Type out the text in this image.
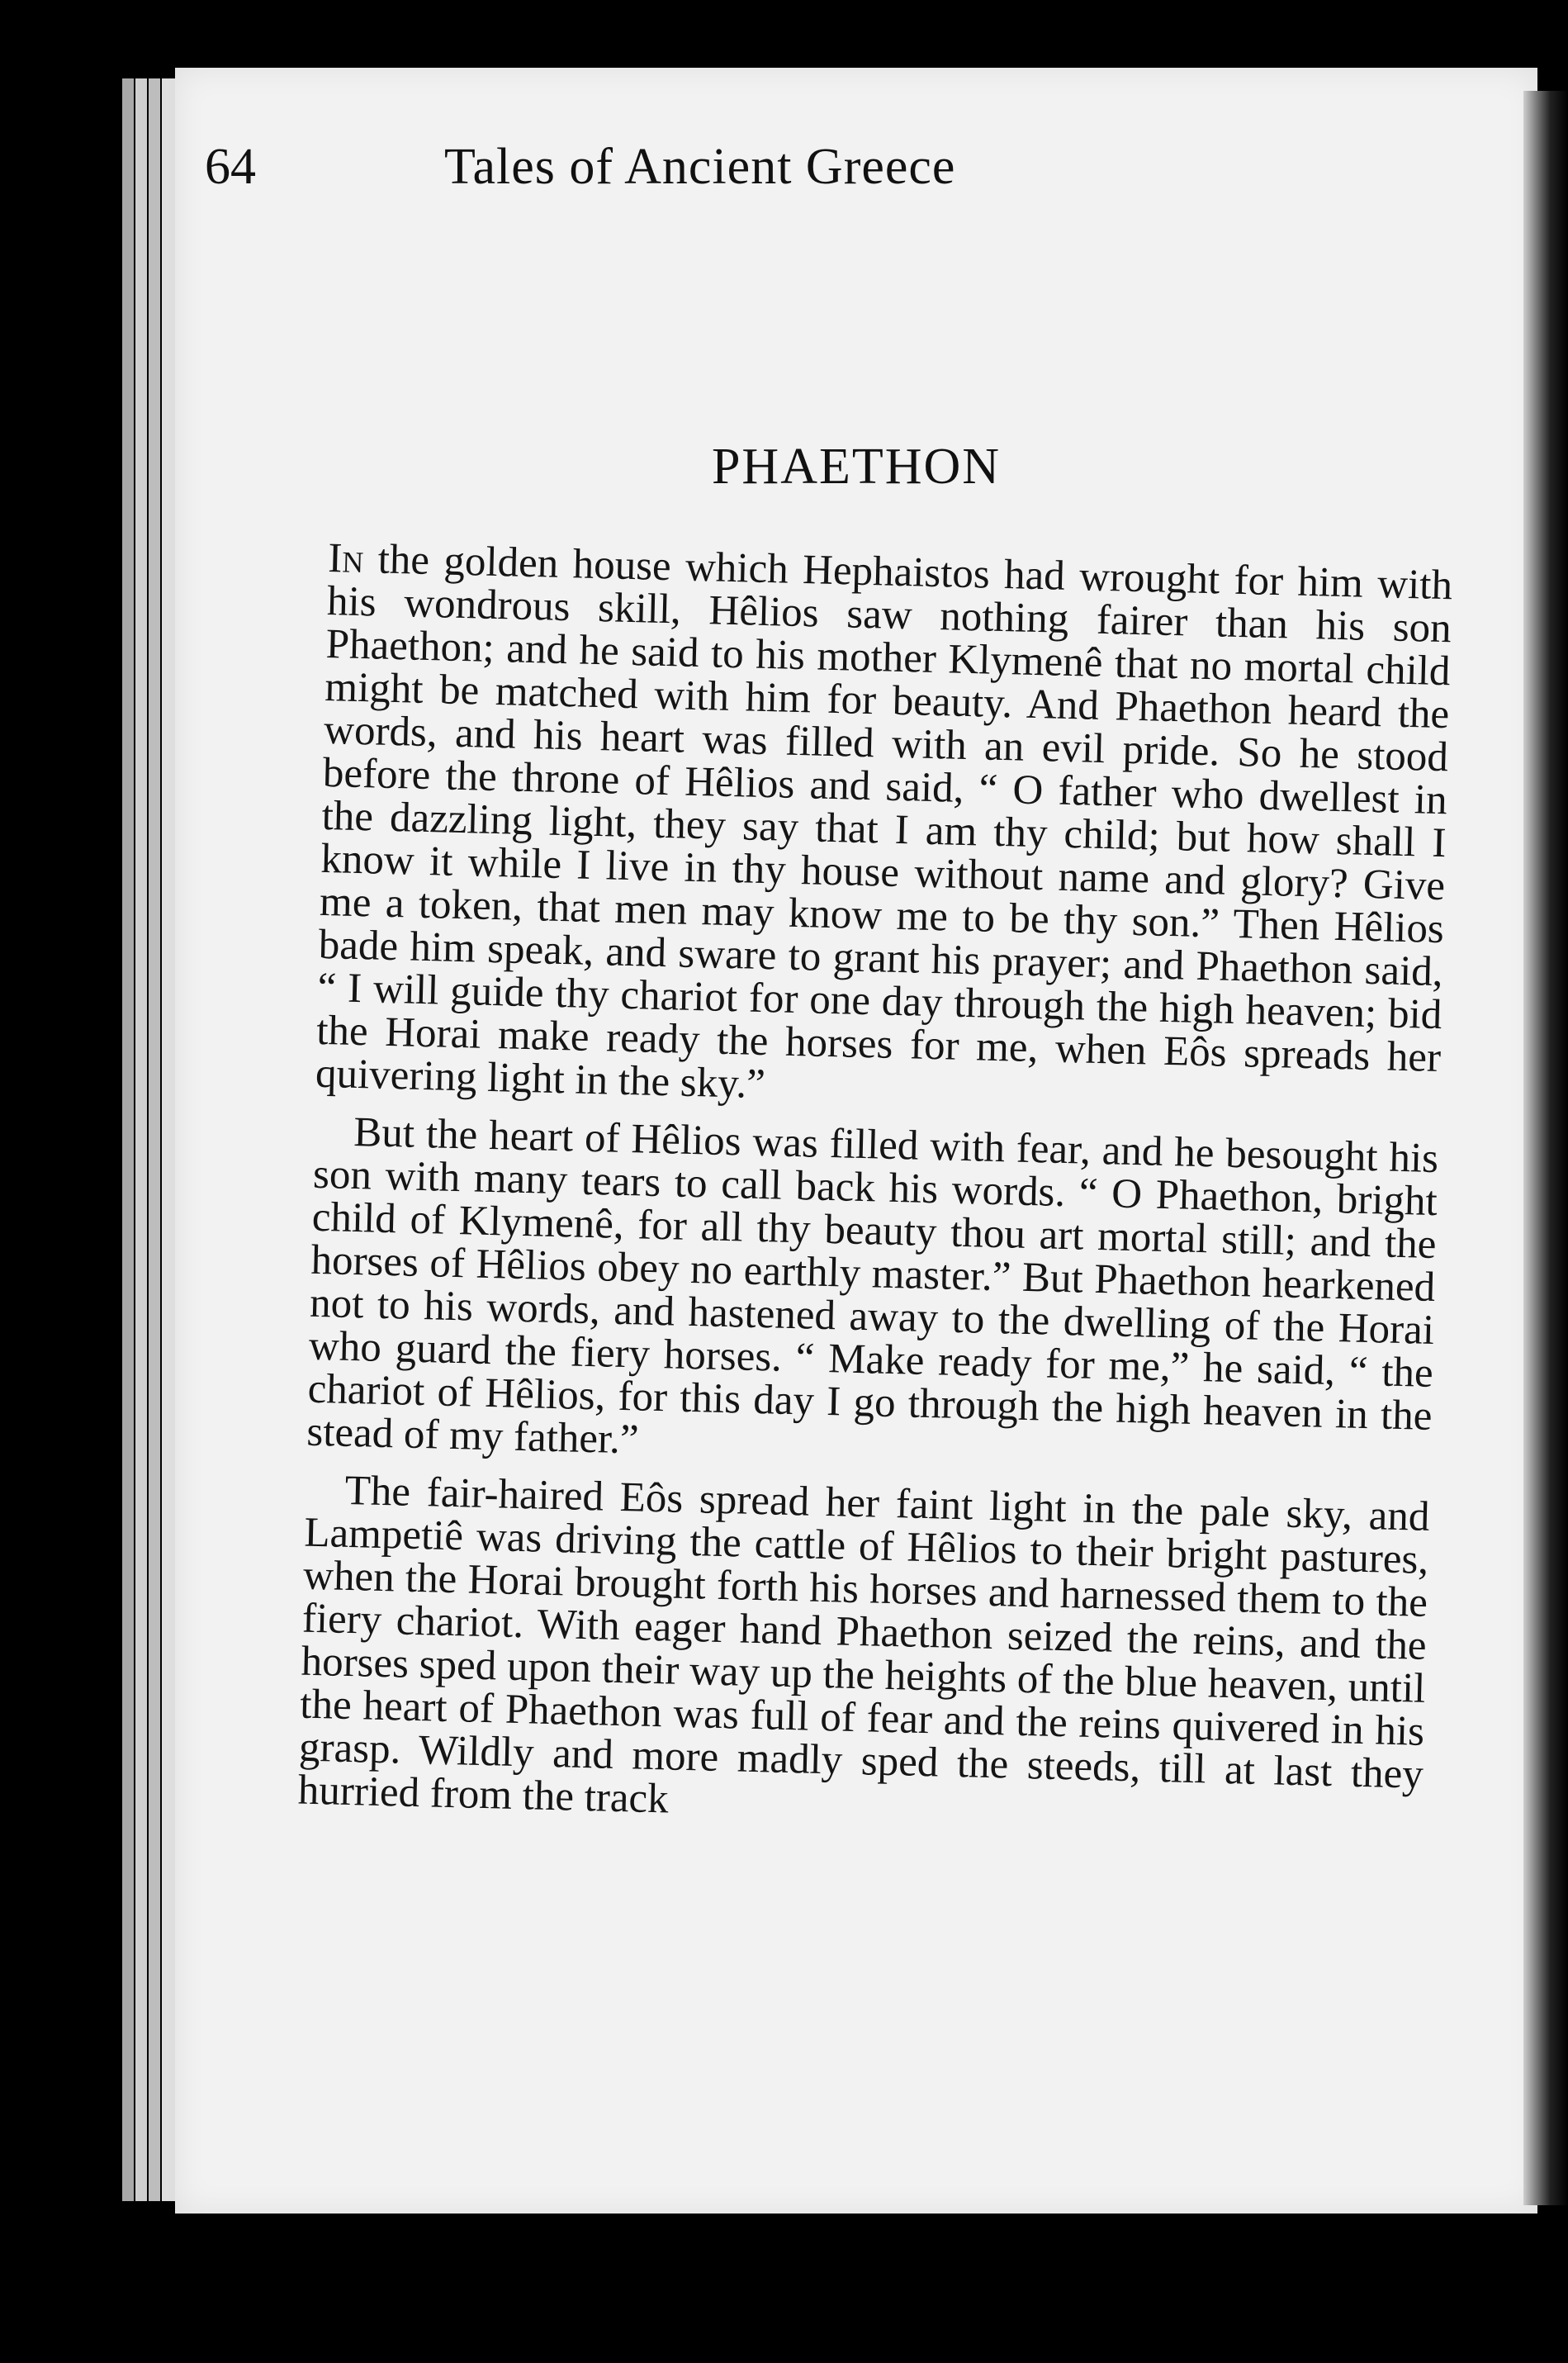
64	Tales of Ancient Greece
PHAETHON

In the golden house which Hephaistos had wrought for him with his wondrous skill, Hêlios saw nothing fairer than his son Phaethon; and he said to his mother Klymenê that no mortal child might be matched with him for beauty. And Phaethon heard the words, and his heart was filled with an evil pride. So he stood before the throne of Hêlios and said, “ O father who dwellest in the dazzling light, they say that I am thy child; but how shall I know it while I live in thy house without name and glory? Give me a token, that men may know me to be thy son.” Then Hêlios bade him speak, and sware to grant his prayer; and Phaethon said, “ I will guide thy chariot for one day through the high heaven; bid the Horai make ready the horses for me, when Eôs spreads her quivering light in the sky.”

But the heart of Hêlios was filled with fear, and he besought his son with many tears to call back his words. “ O Phaethon, bright child of Klymenê, for all thy beauty thou art mortal still; and the horses of Hêlios obey no earthly master.” But Phaethon hearkened not to his words, and hastened away to the dwelling of the Horai who guard the fiery horses. “ Make ready for me,” he said, “ the chariot of Hêlios, for this day I go through the high heaven in the stead of my father.”

The fair-haired Eôs spread her faint light in the pale sky, and Lampetiê was driving the cattle of Hêlios to their bright pastures, when the Horai brought forth his horses and harnessed them to the fiery chariot. With eager hand Phaethon seized the reins, and the horses sped upon their way up the heights of the blue heaven, until the heart of Phaethon was full of fear and the reins quivered in his grasp. Wildly and more madly sped the steeds, till at last they hurried from the track
